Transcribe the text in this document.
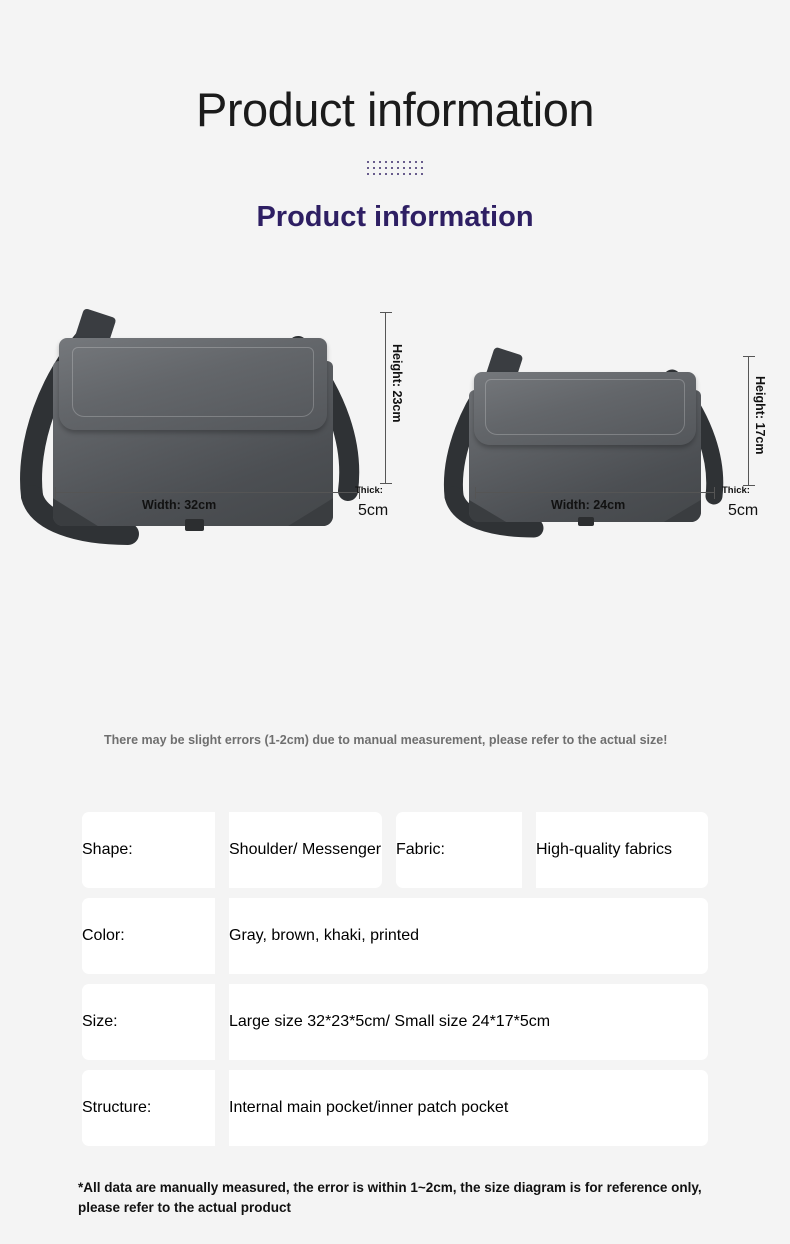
Product information
Product information
Height: 23cm
Width: 32cm
Thick:
5cm
Height: 17cm
Width: 24cm
Thick:
5cm

There may be slight errors (1-2cm) due to manual measurement, please refer to the actual size!

Shape:	Shoulder/ Messenger Fabric:	High-quality fabrics
Color:	Gray, brown, khaki, printed
Size:	Large size 32*23*5cm/ Small size 24*17*5cm
Structure:	Internal main pocket/inner patch pocket

*All data are manually measured, the error is within 1~2cm, the size diagram is for reference only, please refer to the actual product
